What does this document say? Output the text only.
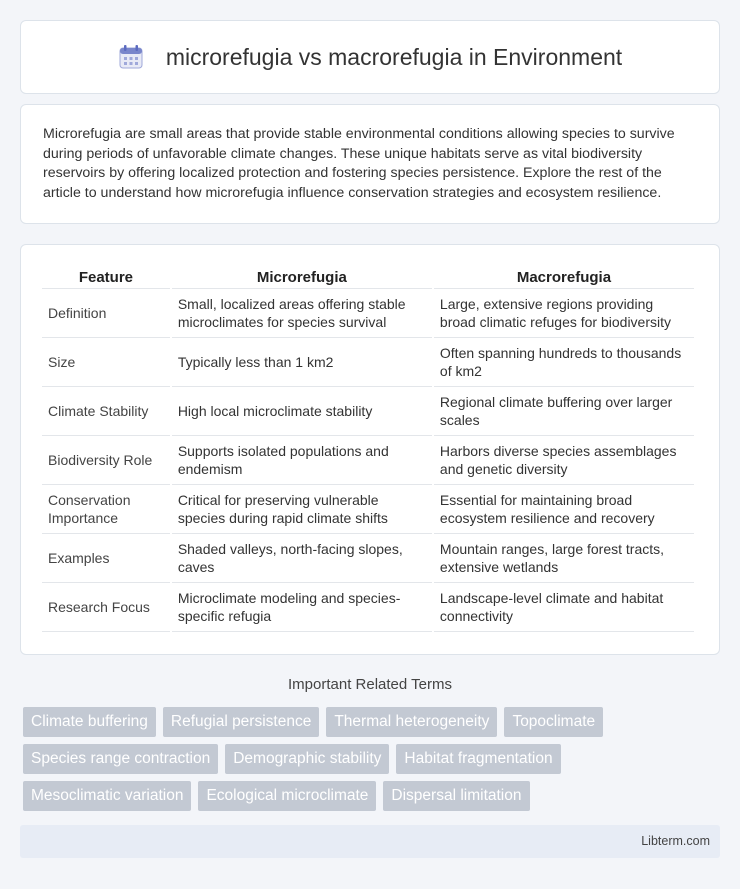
microrefugia vs macrorefugia in Environment

Microrefugia are small areas that provide stable environmental conditions allowing species to survive during periods of unfavorable climate changes. These unique habitats serve as vital biodiversity reservoirs by offering localized protection and fostering species persistence. Explore the rest of the article to understand how microrefugia influence conservation strategies and ecosystem resilience.

Feature	Microrefugia	Macrorefugia
Definition	Small, localized areas offering stable microclimates for species survival	Large, extensive regions providing broad climatic refuges for biodiversity
Size	Typically less than 1 km2	Often spanning hundreds to thousands of km2
Climate Stability	High local microclimate stability	Regional climate buffering over larger scales
Biodiversity Role	Supports isolated populations and endemism	Harbors diverse species assemblages and genetic diversity
Conservation Importance	Critical for preserving vulnerable species during rapid climate shifts	Essential for maintaining broad ecosystem resilience and recovery
Examples	Shaded valleys, north-facing slopes, caves	Mountain ranges, large forest tracts, extensive wetlands
Research Focus	Microclimate modeling and species-specific refugia	Landscape-level climate and habitat connectivity
Important Related Terms
Climate buffering	Refugial persistence	Thermal heterogeneity	Topoclimate
Species range contraction	Demographic stability	Habitat fragmentation
Mesoclimatic variation	Ecological microclimate	Dispersal limitation
Libterm.com
